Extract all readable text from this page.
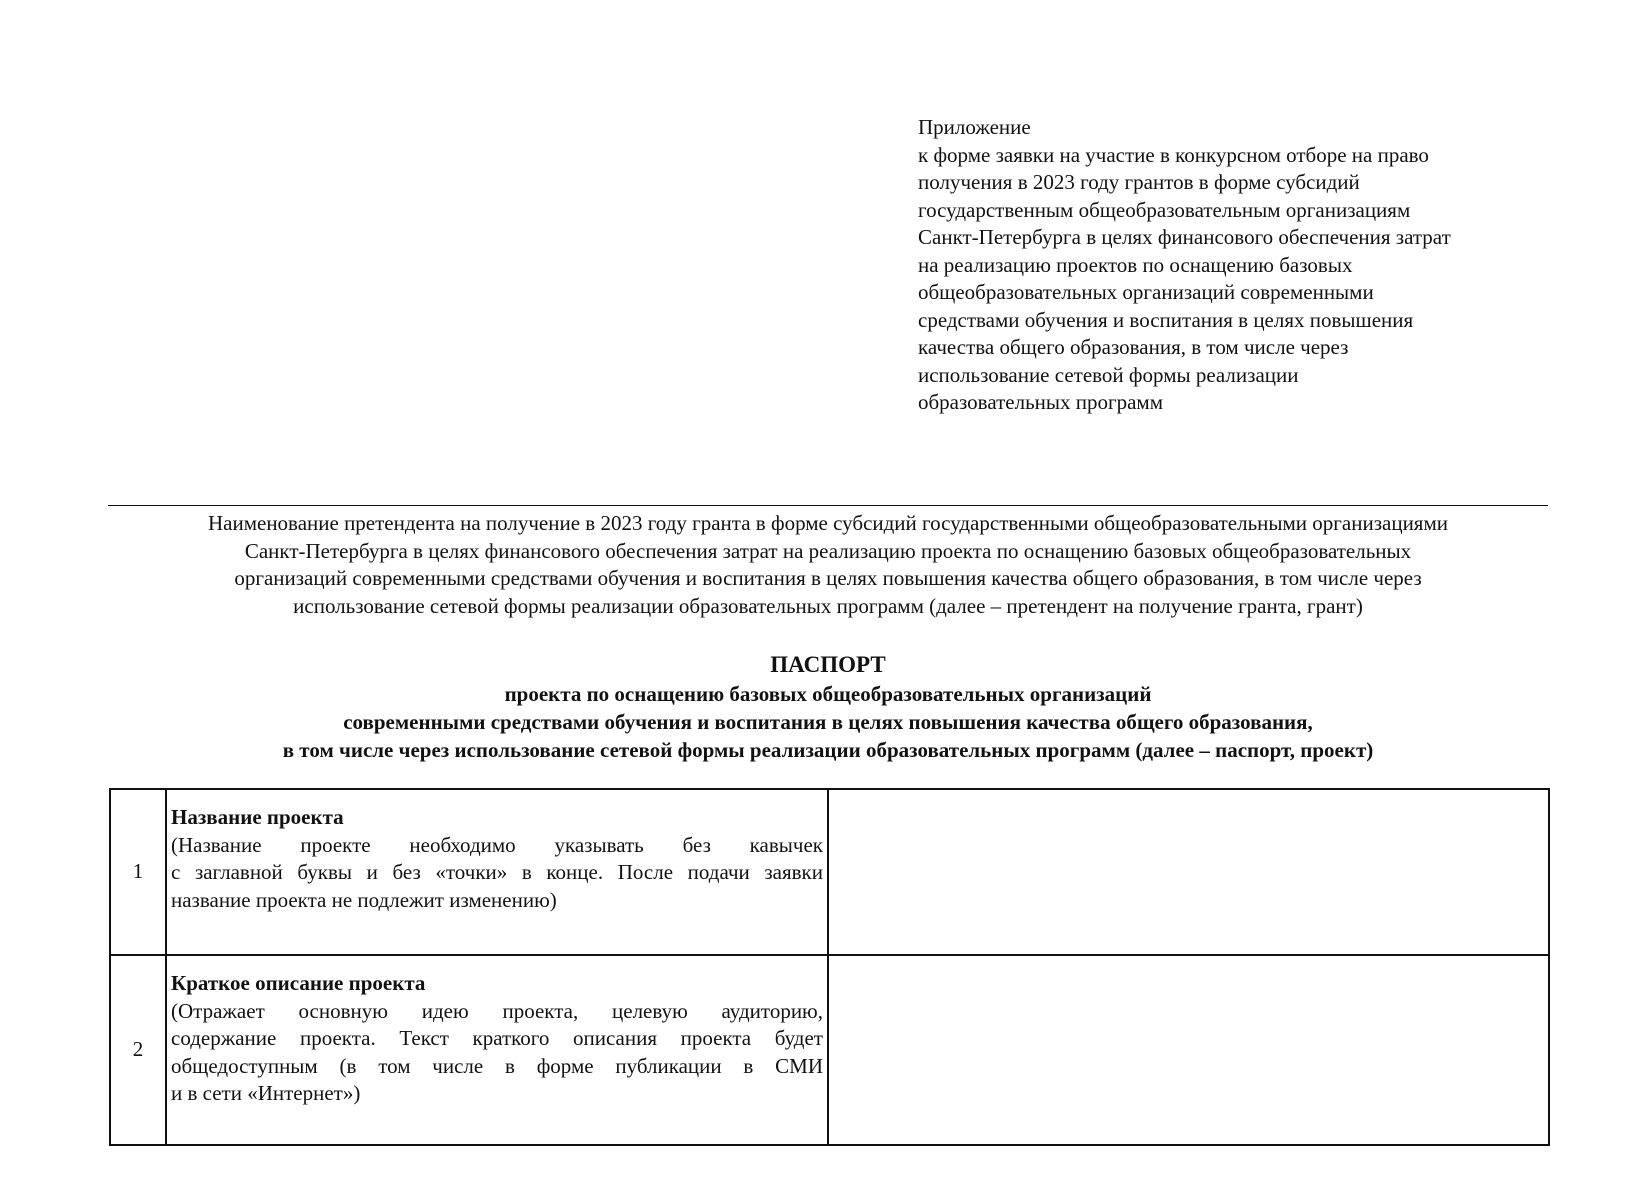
Приложение
к форме заявки на участие в конкурсном отборе на право
получения в 2023 году грантов в форме субсидий
государственным общеобразовательным организациям
Санкт-Петербурга в целях финансового обеспечения затрат
на реализацию проектов по оснащению базовых
общеобразовательных организаций современными
средствами обучения и воспитания в целях повышения
качества общего образования, в том числе через
использование сетевой формы реализации
образовательных программ
Наименование претендента на получение в 2023 году гранта в форме субсидий государственными общеобразовательными организациями
Санкт-Петербурга в целях финансового обеспечения затрат на реализацию проекта по оснащению базовых общеобразовательных
организаций современными средствами обучения и воспитания в целях повышения качества общего образования, в том числе через
использование сетевой формы реализации образовательных программ (далее – претендент на получение гранта, грант)
ПАСПОРТ
проекта по оснащению базовых общеобразовательных организаций
современными средствами обучения и воспитания в целях повышения качества общего образования,
в том числе через использование сетевой формы реализации образовательных программ (далее – паспорт, проект)
1	Название проекта
(Название проекте необходимо указывать без кавычек
с заглавной буквы и без «точки» в конце. После подачи заявки
название проекта не подлежит изменению)	

2	Краткое описание проекта
(Отражает основную идею проекта, целевую аудиторию,
содержание проекта. Текст краткого описания проекта будет
общедоступным (в том числе в форме публикации в СМИ
и в сети «Интернет»)	
